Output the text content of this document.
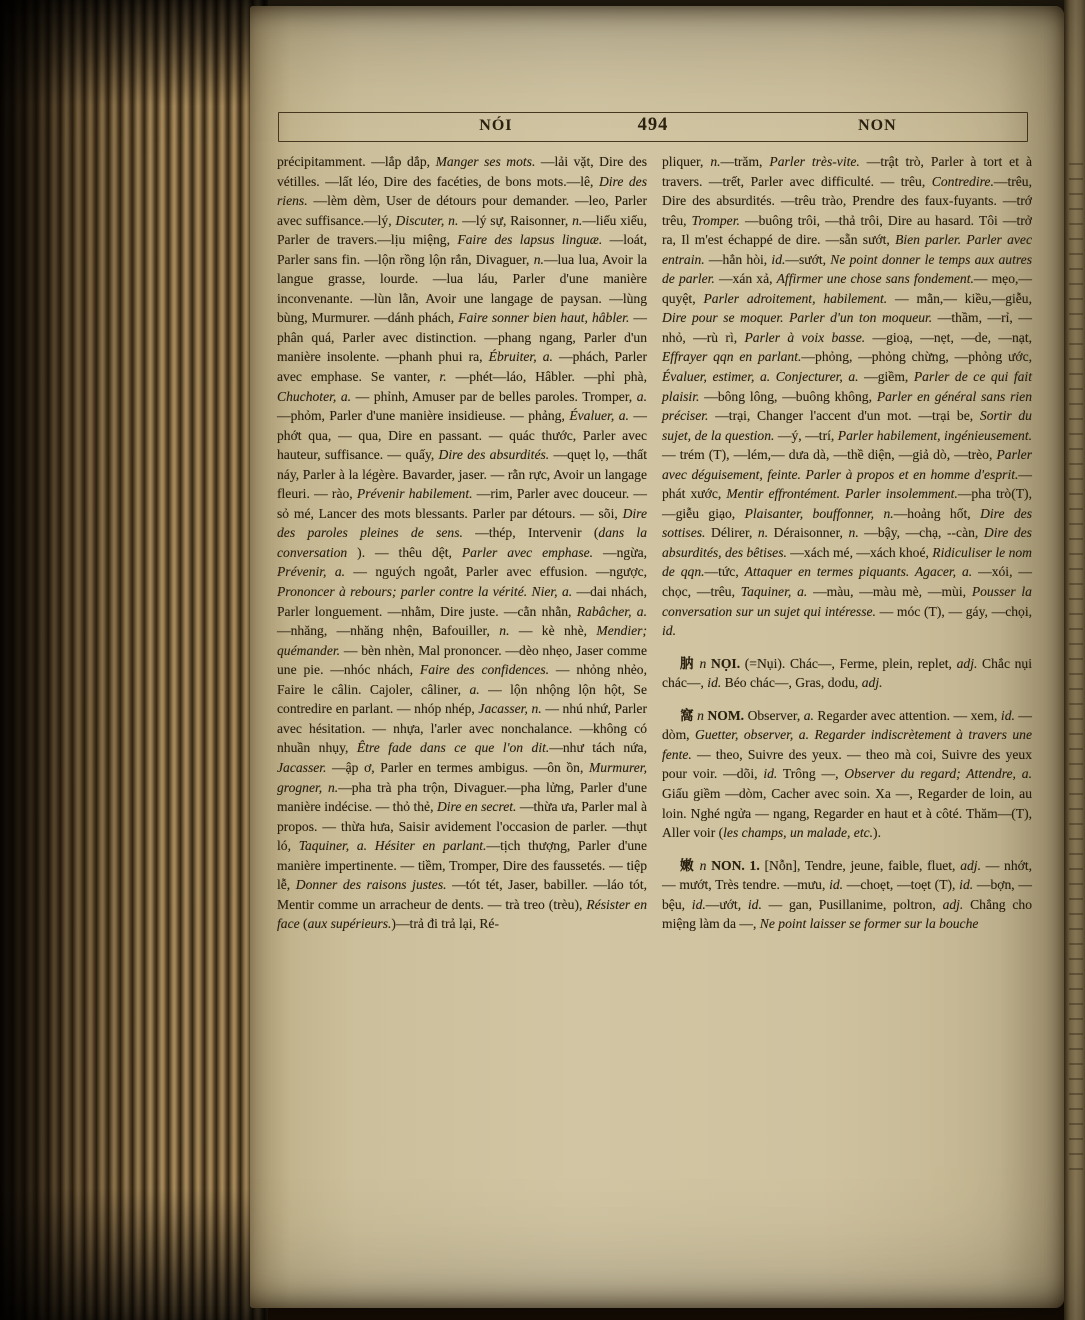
NÓI	494	NON
précipitamment. —lắp dắp, Manger ses mots. —lải vặt, Dire des vétilles. —lất léo, Dire des facéties, de bons mots.—lê, Dire des riens. —lèm dèm, User de détours pour demander. —leo, Parler avec suffisance.—lý, Discuter, n. —lý sự, Raisonner, n.—liếu xiếu, Parler de travers.—lịu miệng, Faire des lapsus linguæ. —loát, Parler sans fin. —lộn rồng lộn rắn, Divaguer, n.—lua lua, Avoir la langue grasse, lourde. —lua láu, Parler d'une manière inconvenante. —lùn lằn, Avoir une langage de paysan. —lùng bùng, Murmurer. —dánh phách, Faire sonner bien haut, hâbler. —phân quá, Parler avec distinction. —phang ngang, Parler d'un manière insolente. —phanh phui ra, Ébruiter, a. —phách, Parler avec emphase. Se vanter, r. —phét—láo, Hâbler. —phỉ phà, Chuchoter, a. — phỉnh, Amuser par de belles paroles. Tromper, a.—phỏm, Parler d'une manière insidieuse. — phảng, Évaluer, a. — phớt qua, — qua, Dire en passant. — quác thước, Parler avec hauteur, suffisance. — quấy, Dire des absurdités. —quẹt lọ, —thất náy, Parler à la légère. Bavarder, jaser. — rằn rực, Avoir un langage fleuri. — rào, Prévenir habilement. —rim, Parler avec douceur. — sỏ mé, Lancer des mots blessants. Parler par détours. — sõi, Dire des paroles pleines de sens. —thép, Intervenir (dans la conversation ). — thêu dệt, Parler avec emphase. —ngừa, Prévenir, a. — nguých ngoắt, Parler avec effusion. —ngược, Prononcer à rebours; parler contre la vérité. Nier, a. —dai nhách, Parler longuement. —nhằm, Dire juste. —cằn nhằn, Rabâcher, a. —nhăng, —nhăng nhện, Bafouiller, n. — kè nhè, Mendier; quémander. — bèn nhèn, Mal prononcer. —dèo nhẹo, Jaser comme une pie. —nhóc nhách, Faire des confidences. — nhỏng nhẻo, Faire le câlin. Cajoler, câliner, a. — lộn nhộng lộn hột, Se contredire en parlant. — nhóp nhép, Jacasser, n. — nhú nhứ, Parler avec hésitation. — nhựa, l'arler avec nonchalance. —không có nhuần nhụy, Être fade dans ce que l'on dit.—như tách nứa, Jacasser. —ập ơ, Parler en termes ambigus. —ôn ồn, Murmurer, grogner, n.—pha trà pha trộn, Divaguer.—pha lửng, Parler d'une manière indécise. — thỏ thẻ, Dire en secret. —thừa ưa, Parler mal à propos. — thừa hưa, Saisir avidement l'occasion de parler. —thụt ló, Taquiner, a. Hésiter en parlant.—tịch thượng, Parler d'une manière impertinente. — tiềm, Tromper, Dire des faussetés. — tiệp lễ, Donner des raisons justes. —tót tét, Jaser, babiller. —láo tót, Mentir comme un arracheur de dents. — trà treo (trèu), Résister en face (aux supérieurs.)—trả đi trả lại, Ré-
pliquer, n.—trăm, Parler très-vite. —trật trò, Parler à tort et à travers. —trết, Parler avec difficulté. — trêu, Contredire.—trêu, Dire des absurdités. —trêu trào, Prendre des faux-fuyants. —trớ trêu, Tromper. —buông trôi, —thả trôi, Dire au hasard. Tôi —trở ra, Il m'est échappé de dire. —sẵn sướt, Bien parler. Parler avec entrain. —hẳn hòi, id.—sướt, Ne point donner le temps aux autres de parler. —xán xả, Affirmer une chose sans fondement.— mẹo,—quyệt, Parler adroitement, habilement. — mằn,— kiều,—giễu, Dire pour se moquer. Parler d'un ton moqueur. —thầm, —rỉ, —nhỏ, —rù rì, Parler à voix basse. —gioạ, —nẹt, —de, —nạt, Effrayer qqn en parlant.—phỏng, —phỏng chừng, —phỏng ước, Évaluer, estimer, a. Conjecturer, a. —giềm, Parler de ce qui fait plaisir. —bông lông, —buông không, Parler en général sans rien préciser. —trại, Changer l'accent d'un mot. —trại be, Sortir du sujet, de la question. —ý, —trí, Parler habilement, ingénieusement. — trém (T), —lém,— dưa dà, —thề diện, —giả dò, —trèo, Parler avec déguisement, feinte. Parler à propos et en homme d'esprit.—phát xước, Mentir effrontément. Parler insolemment.—pha trò(T),—giễu giạo, Plaisanter, bouffonner, n.—hoảng hốt, Dire des sottises. Délirer, n. Déraisonner, n. —bậy, —chạ, --càn, Dire des absurdités, des bêtises. —xách mé, —xách khoé, Ridiculiser le nom de qqn.—tức, Attaquer en termes piquants. Agacer, a. —xói, —chọc, —trêu, Taquiner, a. —màu, —màu mè, —mùi, Pousser la conversation sur un sujet qui intéresse. — móc (T), — gáy, —chọi, id.
肭 n NỌI. (=Nụi). Chác—, Ferme, plein, replet, adj. Chắc nụi chác—, id. Béo chác—, Gras, dodu, adj.
窩 n NOM. Observer, a. Regarder avec attention. — xem, id. — dòm, Guetter, observer, a. Regarder indiscrètement à travers une fente. — theo, Suivre des yeux. — theo mà coi, Suivre des yeux pour voir. —dõi, id. Trông —, Observer du regard; Attendre, a. Giấu giềm —dòm, Cacher avec soin. Xa —, Regarder de loin, au loin. Nghé ngửa — ngang, Regarder en haut et à côté. Thăm—(T), Aller voir (les champs, un malade, etc.).
嫩 n NON. 1. [Nỗn], Tendre, jeune, faible, fluet, adj. — nhớt, — mướt, Très tendre. —mưu, id. —choẹt, —toẹt (T), id. —bợn, —bệu, id.—ướt, id. — gan, Pusillanime, poltron, adj. Chẳng cho miệng làm da —, Ne point laisser se former sur la bouche
